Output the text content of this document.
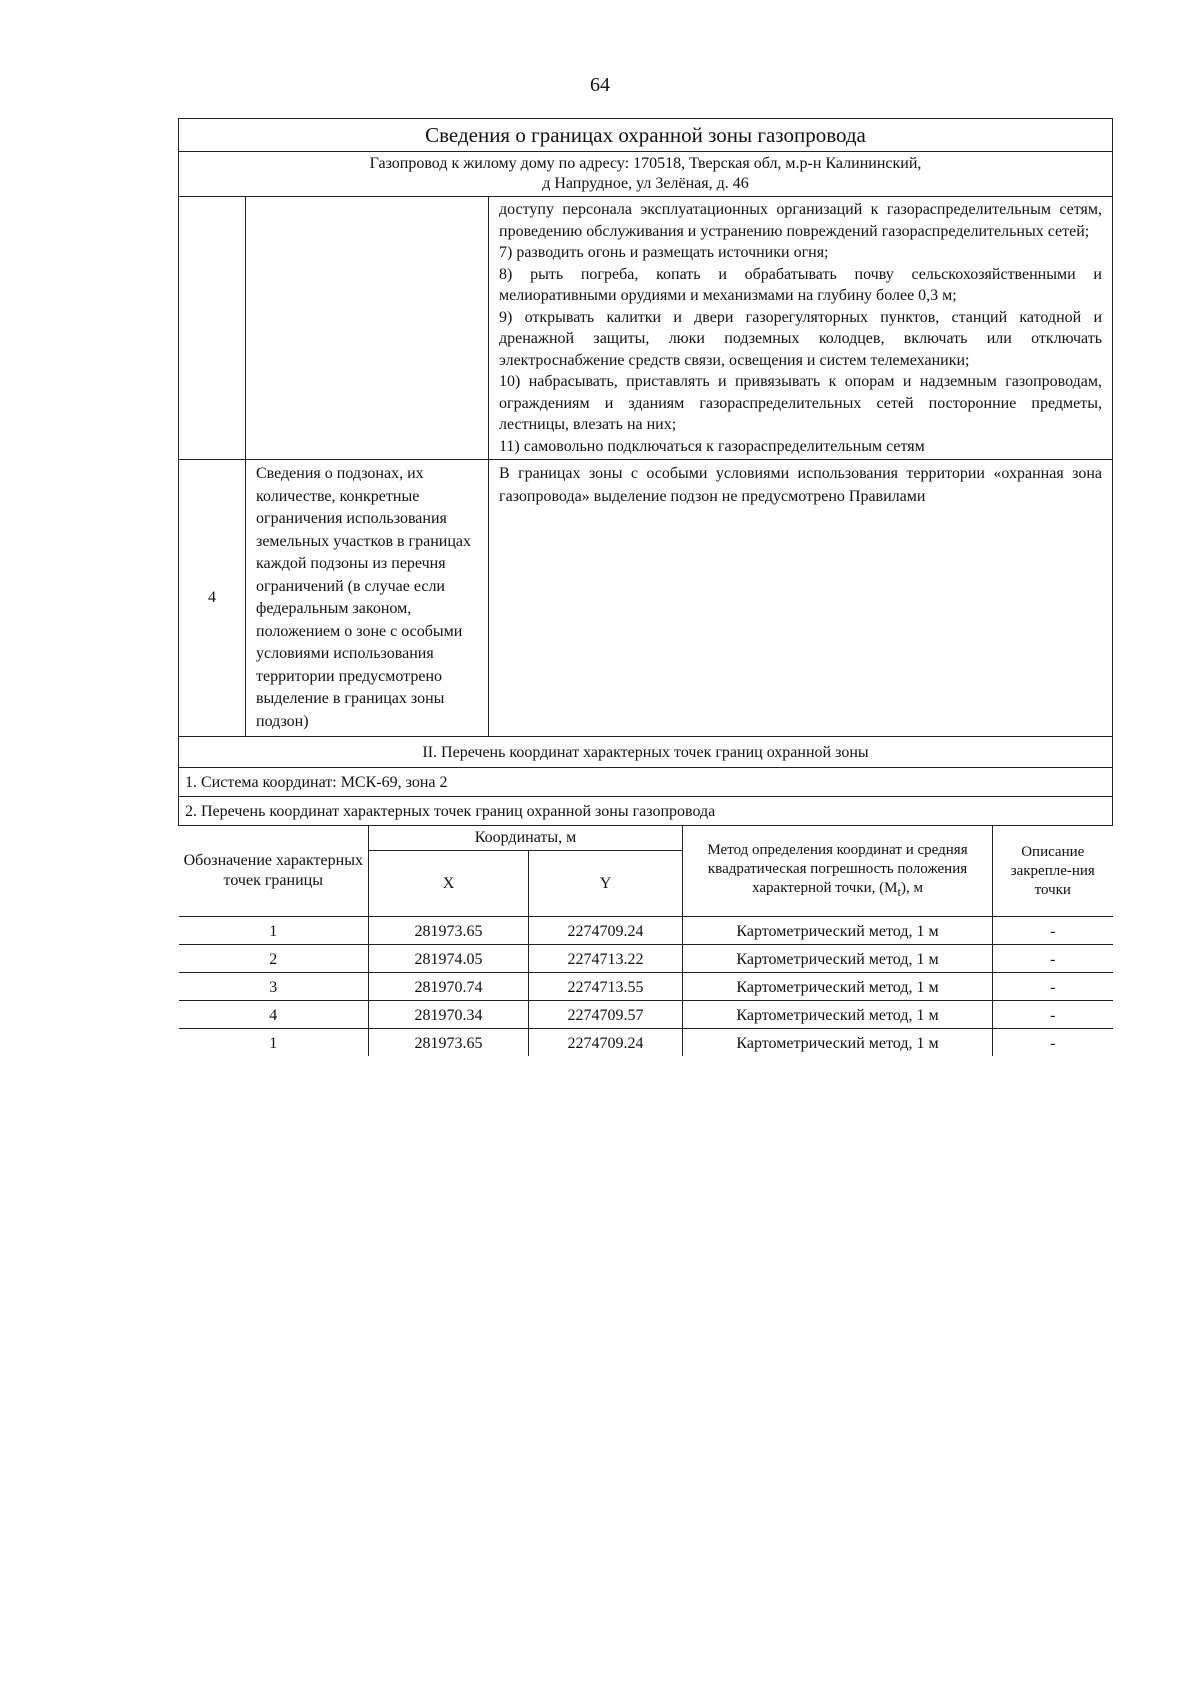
64
Сведения о границах охранной зоны газопровода

Газопровод к жилому дому по адресу: 170518, Тверская обл, м.р-н Калининский,
д Напрудное, ул Зелёная, д. 46

доступу персонала эксплуатационных организаций к газораспределительным сетям, проведению обслуживания и устранению повреждений газораспределительных сетей;

7) разводить огонь и размещать источники огня;

8) рыть погреба, копать и обрабатывать почву сельскохозяйственными и мелиоративными орудиями и механизмами на глубину более 0,3 м;

9) открывать калитки и двери газорегуляторных пунктов, станций катодной и дренажной защиты, люки подземных колодцев, включать или отключать электроснабжение средств связи, освещения и систем телемеханики;

10) набрасывать, приставлять и привязывать к опорам и надземным газопроводам, ограждениям и зданиям газораспределительных сетей посторонние предметы, лестницы, влезать на них;

11) самовольно подключаться к газораспределительным сетям

4	Сведения о подзонах, их количестве, конкретные ограничения использования земельных участков в границах каждой подзоны из перечня ограничений (в случае если федеральным законом, положением о зоне с особыми условиями использования территории предусмотрено выделение в границах зоны подзон)	В границах зоны с особыми условиями использования территории «охранная зона газопровода» выделение подзон не предусмотрено Правилами
II. Перечень координат характерных точек границ охранной зоны
1. Система координат: МСК-69, зона 2
2. Перечень координат характерных точек границ охранной зоны газопровода

Обозначение характерных точек границы	Координаты, м	Метод определения координат и средняя квадратическая погрешность положения характерной точки, $(M_t)$, м	Описание закрепле-ния точки
X	Y
1	281973.65	2274709.24	Картометрический метод, 1 м	-
2	281974.05	2274713.22	Картометрический метод, 1 м	-
3	281970.74	2274713.55	Картометрический метод, 1 м	-
4	281970.34	2274709.57	Картометрический метод, 1 м	-
1	281973.65	2274709.24	Картометрический метод, 1 м	-
